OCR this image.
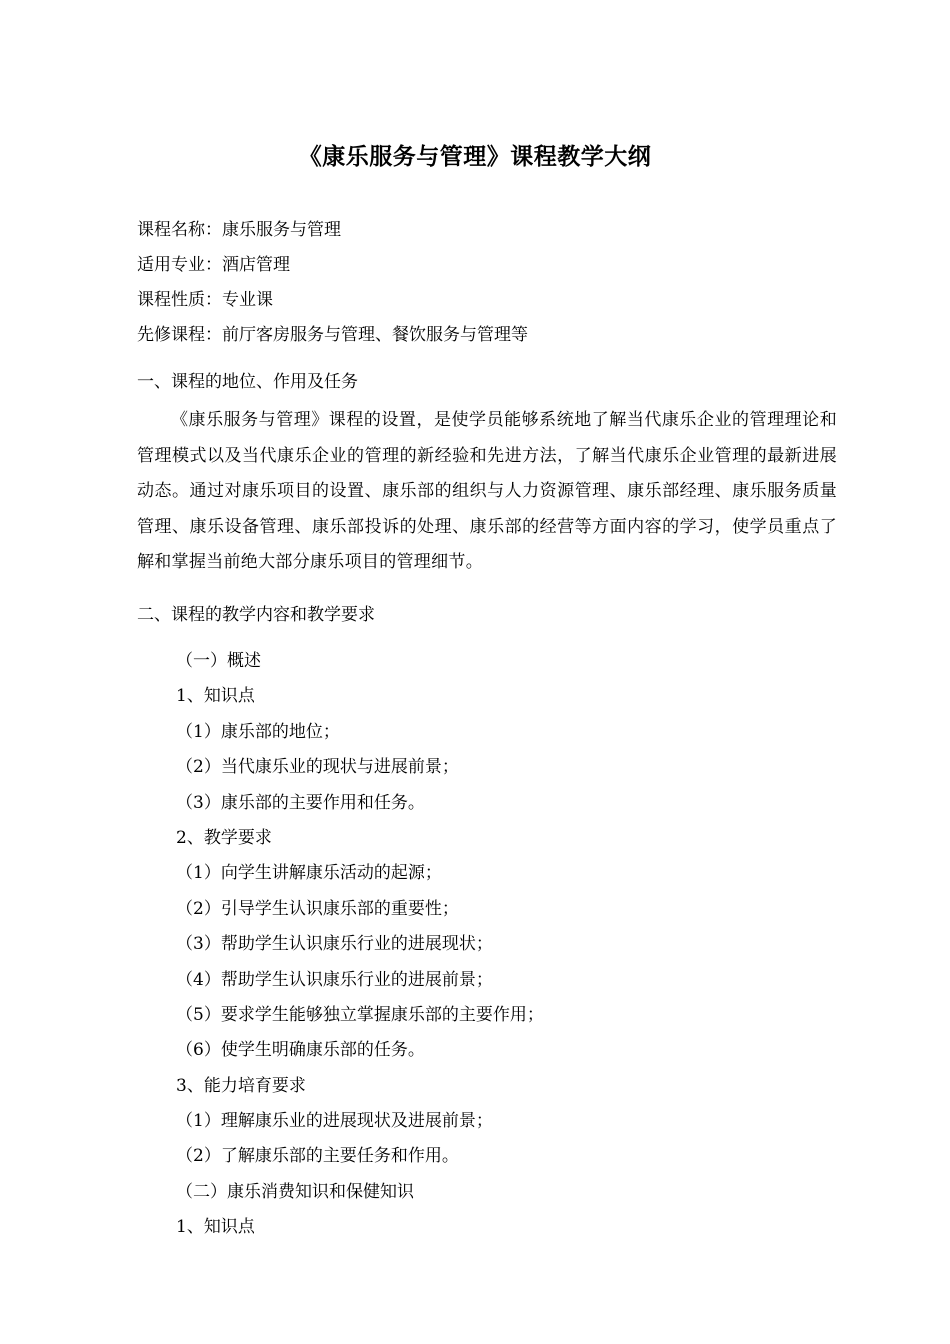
《康乐服务与管理》课程教学大纲
课程名称：康乐服务与管理
适用专业：酒店管理
课程性质：专业课
先修课程：前厅客房服务与管理、餐饮服务与管理等
一、课程的地位、作用及任务
《康乐服务与管理》课程的设置，是使学员能够系统地了解当代康乐企业的管理理论和管理模式以及当代康乐企业的管理的新经验和先进方法，了解当代康乐企业管理的最新进展动态。通过对康乐项目的设置、康乐部的组织与人力资源管理、康乐部经理、康乐服务质量管理、康乐设备管理、康乐部投诉的处理、康乐部的经营等方面内容的学习，使学员重点了解和掌握当前绝大部分康乐项目的管理细节。
二、课程的教学内容和教学要求
（一）概述
1、知识点
（1）康乐部的地位；
（2）当代康乐业的现状与进展前景；
（3）康乐部的主要作用和任务。
2、教学要求
（1）向学生讲解康乐活动的起源；
（2）引导学生认识康乐部的重要性；
（3）帮助学生认识康乐行业的进展现状；
（4）帮助学生认识康乐行业的进展前景；
（5）要求学生能够独立掌握康乐部的主要作用；
（6）使学生明确康乐部的任务。
3、能力培育要求
（1）理解康乐业的进展现状及进展前景；
（2）了解康乐部的主要任务和作用。
（二）康乐消费知识和保健知识
1、知识点
